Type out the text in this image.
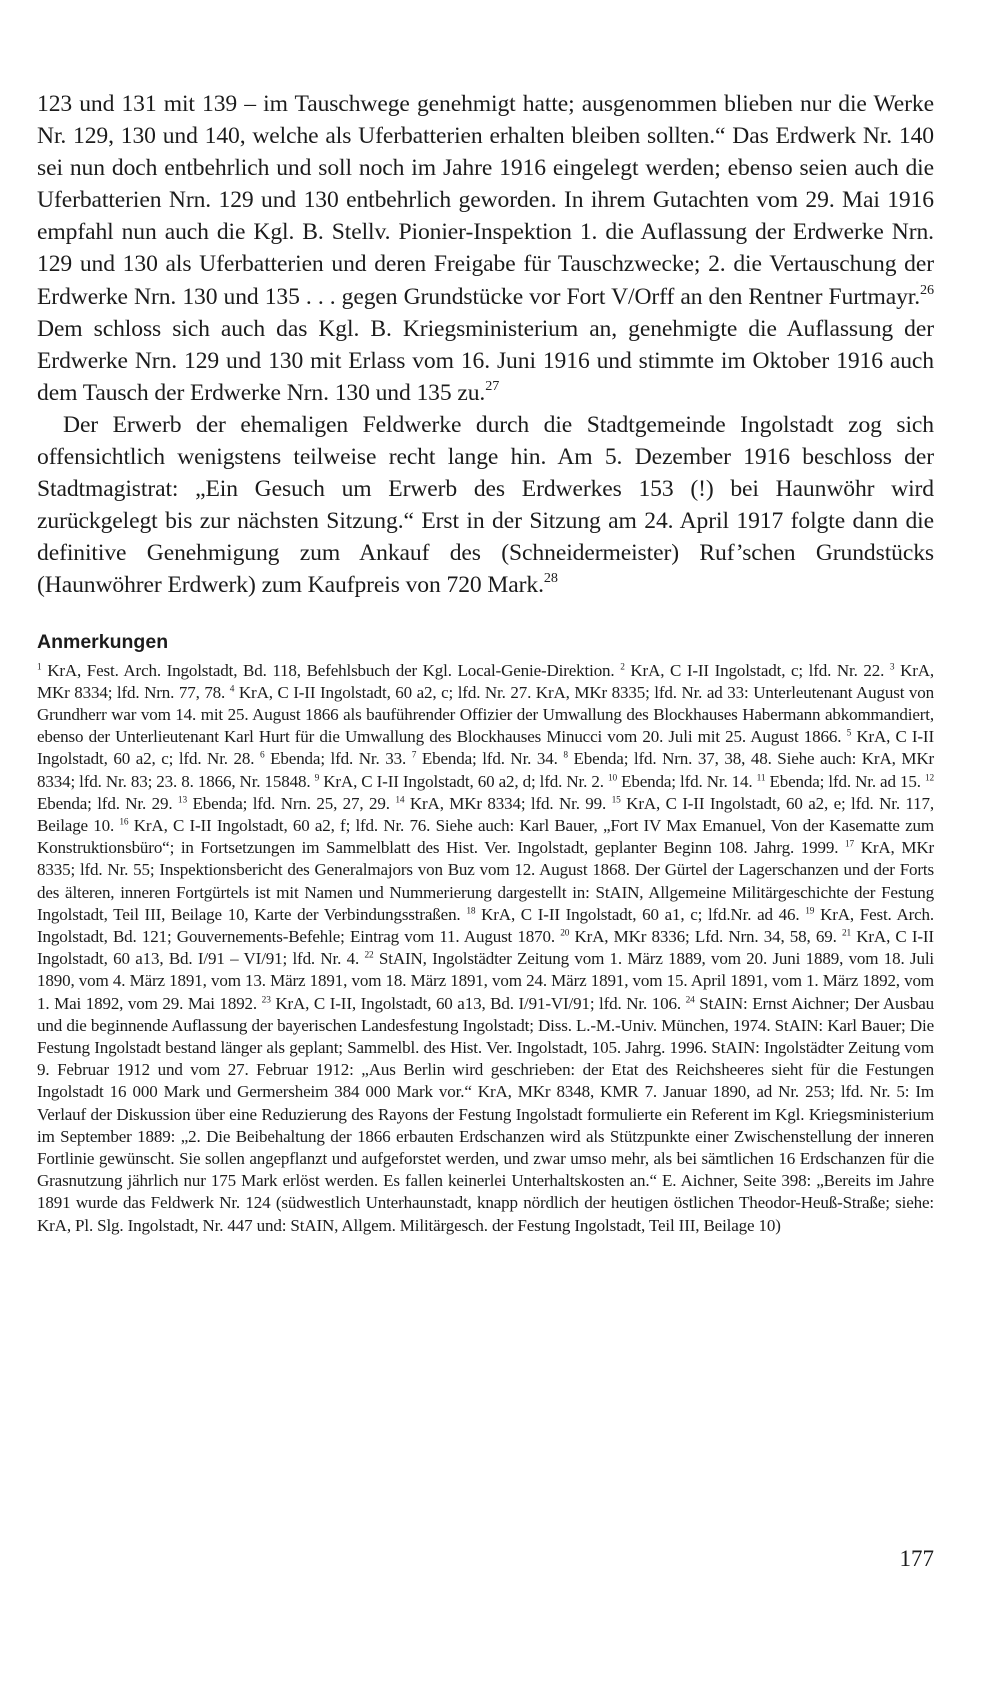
123 und 131 mit 139 – im Tauschwege genehmigt hatte; ausgenommen blieben nur die Werke Nr. 129, 130 und 140, welche als Uferbatterien erhalten bleiben sollten.“ Das Erdwerk Nr. 140 sei nun doch entbehrlich und soll noch im Jahre 1916 eingelegt werden; ebenso seien auch die Uferbatterien Nrn. 129 und 130 entbehrlich geworden. In ihrem Gutachten vom 29. Mai 1916 empfahl nun auch die Kgl. B. Stellv. Pionier-Inspektion 1. die Auflassung der Erdwerke Nrn. 129 und 130 als Uferbatterien und deren Freigabe für Tauschzwecke; 2. die Vertauschung der Erdwerke Nrn. 130 und 135 . . . gegen Grundstücke vor Fort V/Orff an den Rentner Furtmayr.$^{26}$ Dem schloss sich auch das Kgl. B. Kriegsministerium an, genehmigte die Auflassung der Erdwerke Nrn. 129 und 130 mit Erlass vom 16. Juni 1916 und stimmte im Oktober 1916 auch dem Tausch der Erdwerke Nrn. 130 und 135 zu.$^{27}$

Der Erwerb der ehemaligen Feldwerke durch die Stadtgemeinde Ingolstadt zog sich offensichtlich wenigstens teilweise recht lange hin. Am 5. Dezember 1916 beschloss der Stadtmagistrat: „Ein Gesuch um Erwerb des Erdwerkes 153 (!) bei Haunwöhr wird zurückgelegt bis zur nächsten Sitzung.“ Erst in der Sitzung am 24. April 1917 folgte dann die definitive Genehmigung zum Ankauf des (Schneidermeister) Ruf’schen Grundstücks (Haunwöhrer Erdwerk) zum Kaufpreis von 720 Mark.$^{28}$

Anmerkungen

$^1$ KrA, Fest. Arch. Ingolstadt, Bd. 118, Befehlsbuch der Kgl. Local-Genie-Direktion. $^2$ KrA, C I-II Ingolstadt, c; lfd. Nr. 22. $^3$ KrA, MKr 8334; lfd. Nrn. 77, 78. $^4$ KrA, C I-II Ingolstadt, 60 a2, c; lfd. Nr. 27. KrA, MKr 8335; lfd. Nr. ad 33: Unterleutenant August von Grundherr war vom 14. mit 25. August 1866 als bauführender Offizier der Umwallung des Blockhauses Habermann abkommandiert, ebenso der Unterlieutenant Karl Hurt für die Umwallung des Blockhauses Minucci vom 20. Juli mit 25. August 1866. $^5$ KrA, C I-II Ingolstadt, 60 a2, c; lfd. Nr. 28. $^6$ Ebenda; lfd. Nr. 33. $^7$ Ebenda; lfd. Nr. 34. $^8$ Ebenda; lfd. Nrn. 37, 38, 48. Siehe auch: KrA, MKr 8334; lfd. Nr. 83; 23. 8. 1866, Nr. 15848. $^9$ KrA, C I-II Ingolstadt, 60 a2, d; lfd. Nr. 2. $^{10}$ Ebenda; lfd. Nr. 14. $^{11}$ Ebenda; lfd. Nr. ad 15. $^{12}$ Ebenda; lfd. Nr. 29. $^{13}$ Ebenda; lfd. Nrn. 25, 27, 29. $^{14}$ KrA, MKr 8334; lfd. Nr. 99. $^{15}$ KrA, C I-II Ingolstadt, 60 a2, e; lfd. Nr. 117, Beilage 10. $^{16}$ KrA, C I-II Ingolstadt, 60 a2, f; lfd. Nr. 76. Siehe auch: Karl Bauer, „Fort IV Max Emanuel, Von der Kasematte zum Konstruktionsbüro“; in Fortsetzungen im Sammelblatt des Hist. Ver. Ingolstadt, geplanter Beginn 108. Jahrg. 1999. $^{17}$ KrA, MKr 8335; lfd. Nr. 55; Inspektionsbericht des Generalmajors von Buz vom 12. August 1868. Der Gürtel der Lagerschanzen und der Forts des älteren, inneren Fortgürtels ist mit Namen und Nummerierung dargestellt in: StAIN, Allgemeine Militärgeschichte der Festung Ingolstadt, Teil III, Beilage 10, Karte der Verbindungsstraßen. $^{18}$ KrA, C I-II Ingolstadt, 60 a1, c; lfd.Nr. ad 46. $^{19}$ KrA, Fest. Arch. Ingolstadt, Bd. 121; Gouvernements-Befehle; Eintrag vom 11. August 1870. $^{20}$ KrA, MKr 8336; Lfd. Nrn. 34, 58, 69. $^{21}$ KrA, C I-II Ingolstadt, 60 a13, Bd. I/91 – VI/91; lfd. Nr. 4. $^{22}$ StAIN, Ingolstädter Zeitung vom 1. März 1889, vom 20. Juni 1889, vom 18. Juli 1890, vom 4. März 1891, vom 13. März 1891, vom 18. März 1891, vom 24. März 1891, vom 15. April 1891, vom 1. März 1892, vom 1. Mai 1892, vom 29. Mai 1892. $^{23}$ KrA, C I-II, Ingolstadt, 60 a13, Bd. I/91-VI/91; lfd. Nr. 106. $^{24}$ StAIN: Ernst Aichner; Der Ausbau und die beginnende Auflassung der bayerischen Landesfestung Ingolstadt; Diss. L.-M.-Univ. München, 1974. StAIN: Karl Bauer; Die Festung Ingolstadt bestand länger als geplant; Sammelbl. des Hist. Ver. Ingolstadt, 105. Jahrg. 1996. StAIN: Ingolstädter Zeitung vom 9. Februar 1912 und vom 27. Februar 1912: „Aus Berlin wird geschrieben: der Etat des Reichsheeres sieht für die Festungen Ingolstadt 16 000 Mark und Germersheim 384 000 Mark vor.“ KrA, MKr 8348, KMR 7. Januar 1890, ad Nr. 253; lfd. Nr. 5: Im Verlauf der Diskussion über eine Reduzierung des Rayons der Festung Ingolstadt formulierte ein Referent im Kgl. Kriegsministerium im September 1889: „2. Die Beibehaltung der 1866 erbauten Erdschanzen wird als Stützpunkte einer Zwischenstellung der inneren Fortlinie gewünscht. Sie sollen angepflanzt und aufgeforstet werden, und zwar umso mehr, als bei sämtlichen 16 Erdschanzen für die Grasnutzung jährlich nur 175 Mark erlöst werden. Es fallen keinerlei Unterhaltskosten an.“ E. Aichner, Seite 398: „Bereits im Jahre 1891 wurde das Feldwerk Nr. 124 (südwestlich Unterhaunstadt, knapp nördlich der heutigen östlichen Theodor-Heuß-Straße; siehe: KrA, Pl. Slg. Ingolstadt, Nr. 447 und: StAIN, Allgem. Militärgesch. der Festung Ingolstadt, Teil III, Beilage 10)

177
